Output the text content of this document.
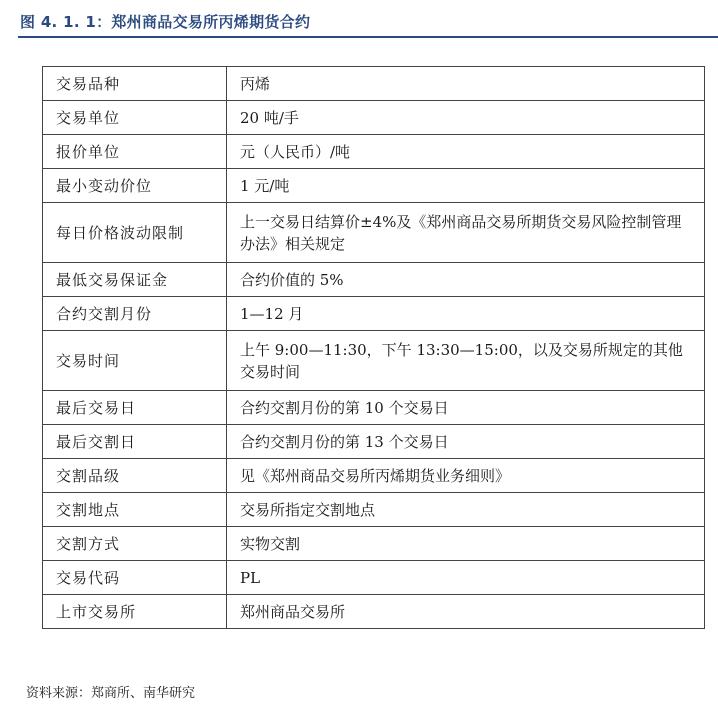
图 4. 1. 1：郑州商品交易所丙烯期货合约
交易品种	丙烯
交易单位	20 吨/手
报价单位	元（人民币）/吨
最小变动价位	1 元/吨
每日价格波动限制	上一交易日结算价±4%及《郑州商品交易所期货交易风险控制管理办法》相关规定
最低交易保证金	合约价值的 5%
合约交割月份	1—12 月
交易时间	上午 9:00—11:30，下午 13:30—15:00，以及交易所规定的其他交易时间
最后交易日	合约交割月份的第 10 个交易日
最后交割日	合约交割月份的第 13 个交易日
交割品级	见《郑州商品交易所丙烯期货业务细则》
交割地点	交易所指定交割地点
交割方式	实物交割
交易代码	PL
上市交易所	郑州商品交易所
资料来源：郑商所、南华研究
